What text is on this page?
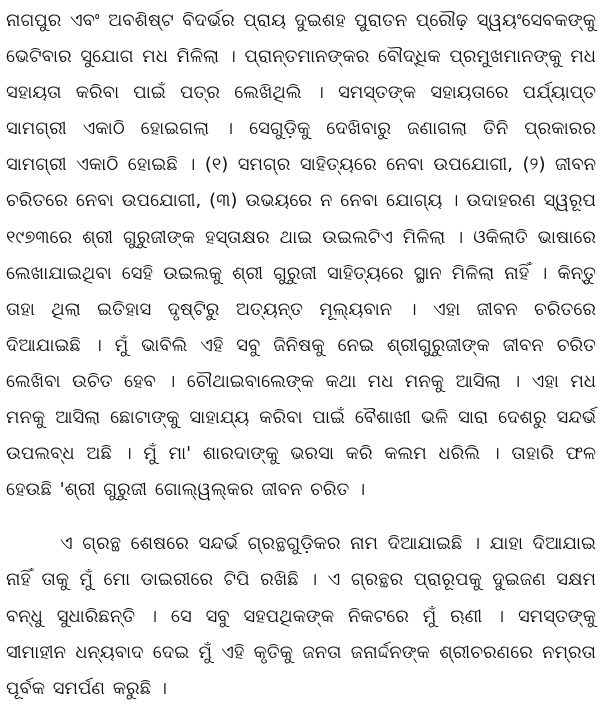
ନାଗପୁର ଏବଂ ଅବଶିଷ୍ଟ ବିଦର୍ଭର ପ୍ରାୟ ଦୁଇଶହ ପୁରାତନ ପ୍ରୌଢ଼ ସ୍ୱୟଂସେବକଙ୍କୁ ଭେଟିବାର ସୁଯୋଗ ମଧ ମିଳିଲା । ପ୍ରାନ୍ତମାନଙ୍କର ବୌଦ୍ଧିକ ପ୍ରମୁଖମାନଙ୍କୁ ମଧ ସହାୟତା କରିବା ପାଇଁ ପତ୍ର ଲେଖିଥିଲି । ସମସ୍ତଙ୍କ ସହାୟତାରେ ପର୍ଯ୍ୟାପ୍ତ ସାମଗ୍ରୀ ଏକାଠି ହୋଇଗଲା । ସେଗୁଡ଼ିକୁ ଦେଖିବାରୁ ଜଣାଗଲା ତିନି ପ୍ରକାରର ସାମଗ୍ରୀ ଏକାଠି ହୋଇଛି । (୧) ସମଗ୍ର ସାହିତ୍ୟରେ ନେବା ଉପଯୋଗୀ, (୨) ଜୀବନ ଚରିତରେ ନେବା ଉପଯୋଗୀ, (୩) ଉଭୟରେ ନ ନେବା ଯୋଗ୍ୟ । ଉଦାହରଣ ସ୍ୱରୂପ ୧୯୭୩ରେ ଶ୍ରୀ ଗୁରୁଜୀଙ୍କ ହସ୍ତାକ୍ଷର ଥାଇ ଉଇଲଟିଏ ମିଳିଲା । ଓକିଲାତି ଭାଷାରେ ଲେଖାଯାଇଥିବା ସେହି ଉଇଲକୁ ଶ୍ରୀ ଗୁରୁଜୀ ସାହିତ୍ୟରେ ସ୍ଥାନ ମିଳିଲା ନାହିଁ । କିନ୍ତୁ ତାହା ଥିଲା ଇତିହାସ ଦୃଷ୍ଟିରୁ ଅତ୍ୟନ୍ତ ମୂଲ୍ୟବାନ । ଏହା ଜୀବନ ଚରିତରେ ଦିଆଯାଇଛି । ମୁଁ ଭାବିଲି ଏହି ସବୁ ଜିନିଷକୁ ନେଇ ଶ୍ରୀଗୁରୁଜୀଙ୍କ ଜୀବନ ଚରିତ ଲେଖିବା ଉଚିତ ହେବ । ଚୌଥାଇବାଲେଙ୍କ କଥା ମଧ ମନକୁ ଆସିଲା । ଏହା ମଧ ମନକୁ ଆସିଲା ଛୋଟାଙ୍କୁ ସାହାଯ୍ୟ କରିବା ପାଇଁ ବୈଶାଖୀ ଭଳି ସାରା ଦେଶରୁ ସନ୍ଦର୍ଭ ଉପଲବ୍ଧ ଅଛି । ମୁଁ ମା' ଶାରଦାଙ୍କୁ ଭରସା କରି କଲମ ଧରିଲି । ତାହାରି ଫଳ ହେଉଛି 'ଶ୍ରୀ ଗୁରୁଜୀ ଗୋଲ୍‌ୱଲ୍‌କର ଜୀବନ ଚରିତ ।

ଏ ଗ୍ରନ୍ଥ ଶେଷରେ ସନ୍ଦର୍ଭ ଗ୍ରନ୍ଥଗୁଡ଼ିକର ନାମ ଦିଆଯାଇଛି । ଯାହା ଦିଆଯାଇ ନାହିଁ ତାକୁ ମୁଁ ମୋ ଡାଇରୀରେ ଟିପି ରଖିଛି । ଏ ଗ୍ରନ୍ଥର ପ୍ରାରୂପକୁ ଦୁଇଜଣ ସକ୍ଷମ ବନ୍ଧୁ ସୁଧାରିଛନ୍ତି । ସେ ସବୁ ସହପଥିକଙ୍କ ନିକଟରେ ମୁଁ ଋଣୀ । ସମସ୍ତଙ୍କୁ ସୀମାହୀନ ଧନ୍ୟବାଦ ଦେଇ ମୁଁ ଏହି କୃତିକୁ ଜନତା ଜନାର୍ଦ୍ଦନଙ୍କ ଶ୍ରୀଚରଣରେ ନମ୍ରତା ପୂର୍ବକ ସମର୍ପଣ କରୁଛି ।
